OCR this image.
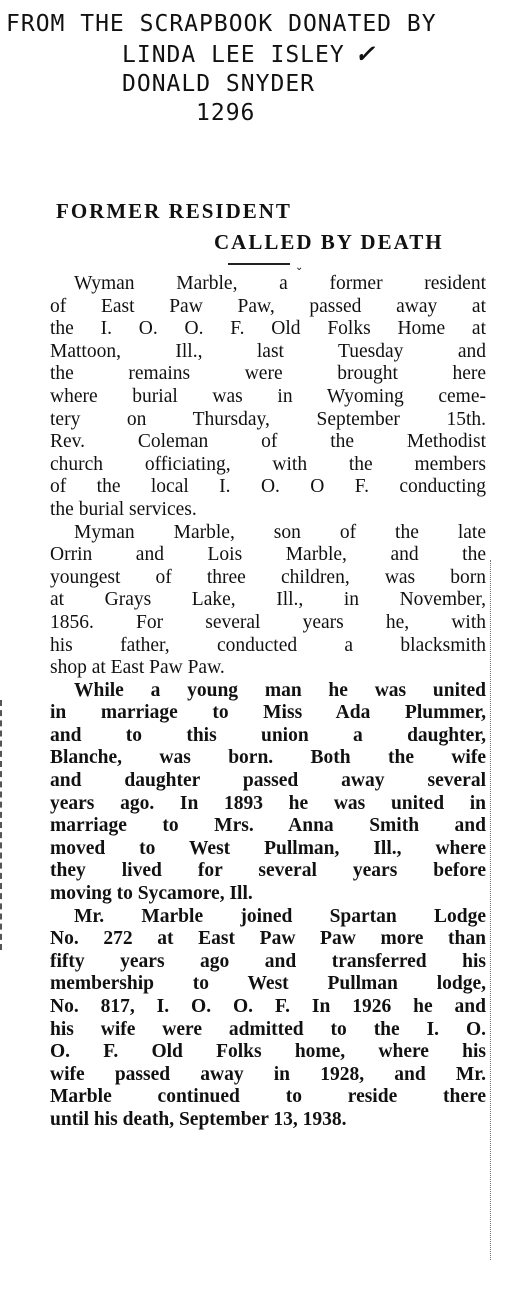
FROM THE SCRAPBOOK DONATED BY
LINDA LEE ISLEY ✓
DONALD SNYDER
1296
FORMER RESIDENT
CALLED BY DEATH
⌄
Wyman Marble, a former resident
of East Paw Paw, passed away at
the I. O. O. F. Old Folks Home at
Mattoon, Ill., last Tuesday and
the remains were brought here
where burial was in Wyoming ceme-
tery on Thursday, September 15th.
Rev. Coleman of the Methodist
church officiating, with the members
of the local I. O. O F. conducting
the burial services.
Myman Marble, son of the late
Orrin and Lois Marble, and the
youngest of three children, was born
at Grays Lake, Ill., in November,
1856. For several years he, with
his father, conducted a blacksmith
shop at East Paw Paw.
While a young man he was united
in marriage to Miss Ada Plummer,
and to this union a daughter,
Blanche, was born. Both the wife
and daughter passed away several
years ago. In 1893 he was united in
marriage to Mrs. Anna Smith and
moved to West Pullman, Ill., where
they lived for several years before
moving to Sycamore, Ill.
Mr. Marble joined Spartan Lodge
No. 272 at East Paw Paw more than
fifty years ago and transferred his
membership to West Pullman lodge,
No. 817, I. O. O. F. In 1926 he and
his wife were admitted to the I. O.
O. F. Old Folks home, where his
wife passed away in 1928, and Mr.
Marble continued to reside there
until his death, September 13, 1938.
